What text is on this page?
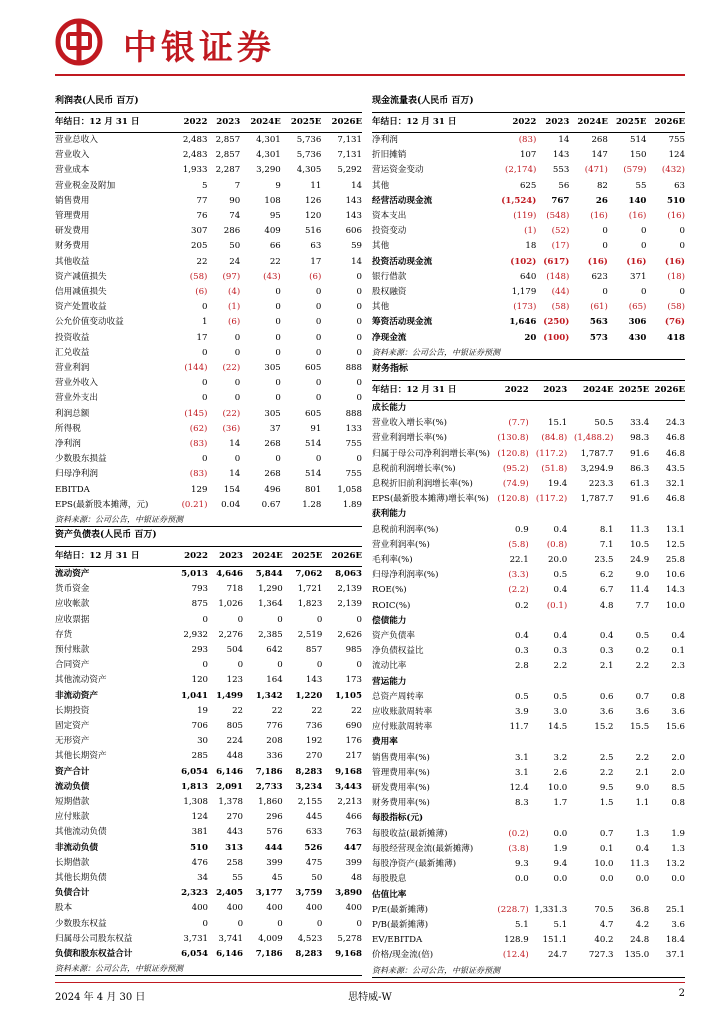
中银证券
利润表(人民币 百万)
年结日：12 月 31 日	2022	2023	2024E	2025E	2026E
营业总收入	2,483	2,857	4,301	5,736	7,131
营业收入	2,483	2,857	4,301	5,736	7,131
营业成本	1,933	2,287	3,290	4,305	5,292
营业税金及附加	5	7	9	11	14
销售费用	77	90	108	126	143
管理费用	76	74	95	120	143
研发费用	307	286	409	516	606
财务费用	205	50	66	63	59
其他收益	22	24	22	17	14
资产减值损失	(58)	(97)	(43)	(6)	0
信用减值损失	(6)	(4)	0	0	0
资产处置收益	0	(1)	0	0	0
公允价值变动收益	1	(6)	0	0	0
投资收益	17	0	0	0	0
汇兑收益	0	0	0	0	0
营业利润	(144)	(22)	305	605	888
营业外收入	0	0	0	0	0
营业外支出	0	0	0	0	0
利润总额	(145)	(22)	305	605	888
所得税	(62)	(36)	37	91	133
净利润	(83)	14	268	514	755
少数股东损益	0	0	0	0	0
归母净利润	(83)	14	268	514	755
EBITDA	129	154	496	801	1,058
EPS(最新股本摊薄，元)	(0.21)	0.04	0.67	1.28	1.89
资料来源：公司公告，中银证券预测
资产负债表(人民币 百万)
年结日：12 月 31 日	2022	2023	2024E	2025E	2026E
流动资产	5,013	4,646	5,844	7,062	8,063
货币资金	793	718	1,290	1,721	2,139
应收帐款	875	1,026	1,364	1,823	2,139
应收票据	0	0	0	0	0
存货	2,932	2,276	2,385	2,519	2,626
预付账款	293	504	642	857	985
合同资产	0	0	0	0	0
其他流动资产	120	123	164	143	173
非流动资产	1,041	1,499	1,342	1,220	1,105
长期投资	19	22	22	22	22
固定资产	706	805	776	736	690
无形资产	30	224	208	192	176
其他长期资产	285	448	336	270	217
资产合计	6,054	6,146	7,186	8,283	9,168
流动负债	1,813	2,091	2,733	3,234	3,443
短期借款	1,308	1,378	1,860	2,155	2,213
应付账款	124	270	296	445	466
其他流动负债	381	443	576	633	763
非流动负债	510	313	444	526	447
长期借款	476	258	399	475	399
其他长期负债	34	55	45	50	48
负债合计	2,323	2,405	3,177	3,759	3,890
股本	400	400	400	400	400
少数股东权益	0	0	0	0	0
归属母公司股东权益	3,731	3,741	4,009	4,523	5,278
负债和股东权益合计	6,054	6,146	7,186	8,283	9,168
资料来源：公司公告，中银证券预测
现金流量表(人民币 百万)
年结日：12 月 31 日	2022	2023	2024E	2025E	2026E
净利润	(83)	14	268	514	755
折旧摊销	107	143	147	150	124
营运资金变动	(2,174)	553	(471)	(579)	(432)
其他	625	56	82	55	63
经营活动现金流	(1,524)	767	26	140	510
资本支出	(119)	(548)	(16)	(16)	(16)
投资变动	(1)	(52)	0	0	0
其他	18	(17)	0	0	0
投资活动现金流	(102)	(617)	(16)	(16)	(16)
银行借款	640	(148)	623	371	(18)
股权融资	1,179	(44)	0	0	0
其他	(173)	(58)	(61)	(65)	(58)
筹资活动现金流	1,646	(250)	563	306	(76)
净现金流	20	(100)	573	430	418
资料来源：公司公告，中银证券预测
财务指标
年结日：12 月 31 日	2022	2023	2024E	2025E	2026E
成长能力					
营业收入增长率(%)	(7.7)	15.1	50.5	33.4	24.3
营业利润增长率(%)	(130.8)	(84.8)	(1,488.2)	98.3	46.8
归属于母公司净利润增长率(%)	(120.8)	(117.2)	1,787.7	91.6	46.8
息税前利润增长率(%)	(95.2)	(51.8)	3,294.9	86.3	43.5
息税折旧前利润增长率(%)	(74.9)	19.4	223.3	61.3	32.1
EPS(最新股本摊薄)增长率(%)	(120.8)	(117.2)	1,787.7	91.6	46.8
获利能力					
息税前利润率(%)	0.9	0.4	8.1	11.3	13.1
营业利润率(%)	(5.8)	(0.8)	7.1	10.5	12.5
毛利率(%)	22.1	20.0	23.5	24.9	25.8
归母净利润率(%)	(3.3)	0.5	6.2	9.0	10.6
ROE(%)	(2.2)	0.4	6.7	11.4	14.3
ROIC(%)	0.2	(0.1)	4.8	7.7	10.0
偿债能力					
资产负债率	0.4	0.4	0.4	0.5	0.4
净负债权益比	0.3	0.3	0.3	0.2	0.1
流动比率	2.8	2.2	2.1	2.2	2.3
营运能力					
总资产周转率	0.5	0.5	0.6	0.7	0.8
应收账款周转率	3.9	3.0	3.6	3.6	3.6
应付账款周转率	11.7	14.5	15.2	15.5	15.6
费用率					
销售费用率(%)	3.1	3.2	2.5	2.2	2.0
管理费用率(%)	3.1	2.6	2.2	2.1	2.0
研发费用率(%)	12.4	10.0	9.5	9.0	8.5
财务费用率(%)	8.3	1.7	1.5	1.1	0.8
每股指标(元)					
每股收益(最新摊薄)	(0.2)	0.0	0.7	1.3	1.9
每股经营现金流(最新摊薄)	(3.8)	1.9	0.1	0.4	1.3
每股净资产(最新摊薄)	9.3	9.4	10.0	11.3	13.2
每股股息	0.0	0.0	0.0	0.0	0.0
估值比率					
P/E(最新摊薄)	(228.7)	1,331.3	70.5	36.8	25.1
P/B(最新摊薄)	5.1	5.1	4.7	4.2	3.6
EV/EBITDA	128.9	151.1	40.2	24.8	18.4
价格/现金流(倍)	(12.4)	24.7	727.3	135.0	37.1
资料来源：公司公告，中银证券预测
2024 年 4 月 30 日	思特威-W	2
